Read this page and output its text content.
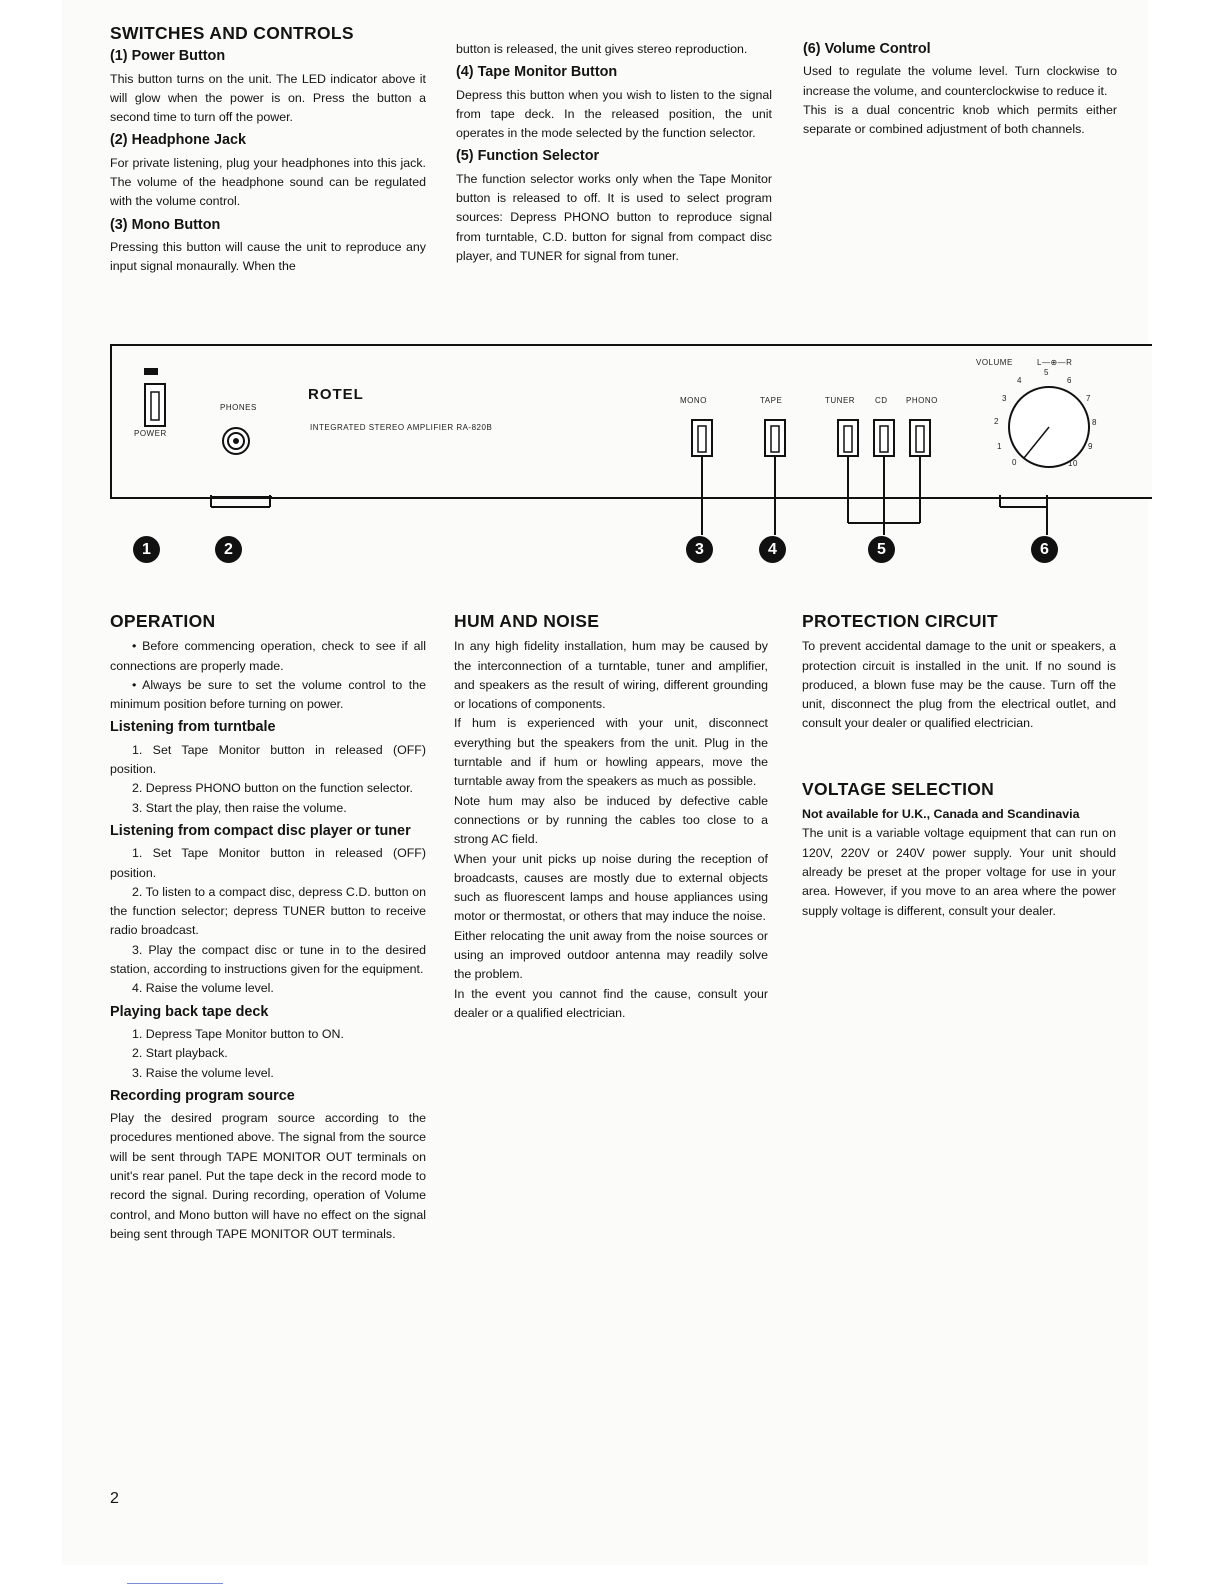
SWITCHES AND CONTROLS
(1) Power Button

This button turns on the unit. The LED indicator above it will glow when the power is on. Press the button a second time to turn off the power.

(2) Headphone Jack

For private listening, plug your headphones into this jack. The volume of the headphone sound can be regulated with the volume control.

(3) Mono Button

Pressing this button will cause the unit to reproduce any input signal monaurally. When the

button is released, the unit gives stereo reproduction.

(4) Tape Monitor Button

Depress this button when you wish to listen to the signal from tape deck. In the released position, the unit operates in the mode selected by the function selector.

(5) Function Selector

The function selector works only when the Tape Monitor button is released to off. It is used to select program sources: Depress PHONO button to reproduce signal from turntable, C.D. button for signal from compact disc player, and TUNER for signal from tuner.

(6) Volume Control

Used to regulate the volume level. Turn clockwise to increase the volume, and counterclockwise to reduce it.

This is a dual concentric knob which permits either separate or combined adjustment of both channels.

POWER
PHONES
ROTEL
INTEGRATED STEREO AMPLIFIER RA-820B
MONO	TAPE	TUNER CD PHONO
VOLUME	L—⊕—R
0
1
2
3
4
5
6
7
8
9
10
1	2	3	4	5	6
OPERATION

• Before commencing operation, check to see if all connections are properly made.

• Always be sure to set the volume control to the minimum position before turning on power.

Listening from turntbale

1. Set Tape Monitor button in released (OFF) position.

2. Depress PHONO button on the function selector.

3. Start the play, then raise the volume.

Listening from compact disc player or tuner

1. Set Tape Monitor button in released (OFF) position.

2. To listen to a compact disc, depress C.D. button on the function selector; depress TUNER button to receive radio broadcast.

3. Play the compact disc or tune in to the desired station, according to instructions given for the equipment.

4. Raise the volume level.

Playing back tape deck

1. Depress Tape Monitor button to ON.

2. Start playback.

3. Raise the volume level.

Recording program source

Play the desired program source according to the procedures mentioned above. The signal from the source will be sent through TAPE MONITOR OUT terminals on unit's rear panel. Put the tape deck in the record mode to record the signal. During recording, operation of Volume control, and Mono button will have no effect on the signal being sent through TAPE MONITOR OUT terminals.

HUM AND NOISE

In any high fidelity installation, hum may be caused by the interconnection of a turntable, tuner and amplifier, and speakers as the result of wiring, different grounding or locations of components.

If hum is experienced with your unit, disconnect everything but the speakers from the unit. Plug in the turntable and if hum or howling appears, move the turntable away from the speakers as much as possible.

Note hum may also be induced by defective cable connections or by running the cables too close to a strong AC field.

When your unit picks up noise during the reception of broadcasts, causes are mostly due to external objects such as fluorescent lamps and house appliances using motor or thermostat, or others that may induce the noise.

Either relocating the unit away from the noise sources or using an improved outdoor antenna may readily solve the problem.

In the event you cannot find the cause, consult your dealer or a qualified electrician.

PROTECTION CIRCUIT

To prevent accidental damage to the unit or speakers, a protection circuit is installed in the unit. If no sound is produced, a blown fuse may be the cause. Turn off the unit, disconnect the plug from the electrical outlet, and consult your dealer or qualified electrician.

VOLTAGE SELECTION

Not available for U.K., Canada and Scandinavia

The unit is a variable voltage equipment that can run on 120V, 220V or 240V power supply. Your unit should already be preset at the proper voltage for use in your area. However, if you move to an area where the power supply voltage is different, consult your dealer.

2
